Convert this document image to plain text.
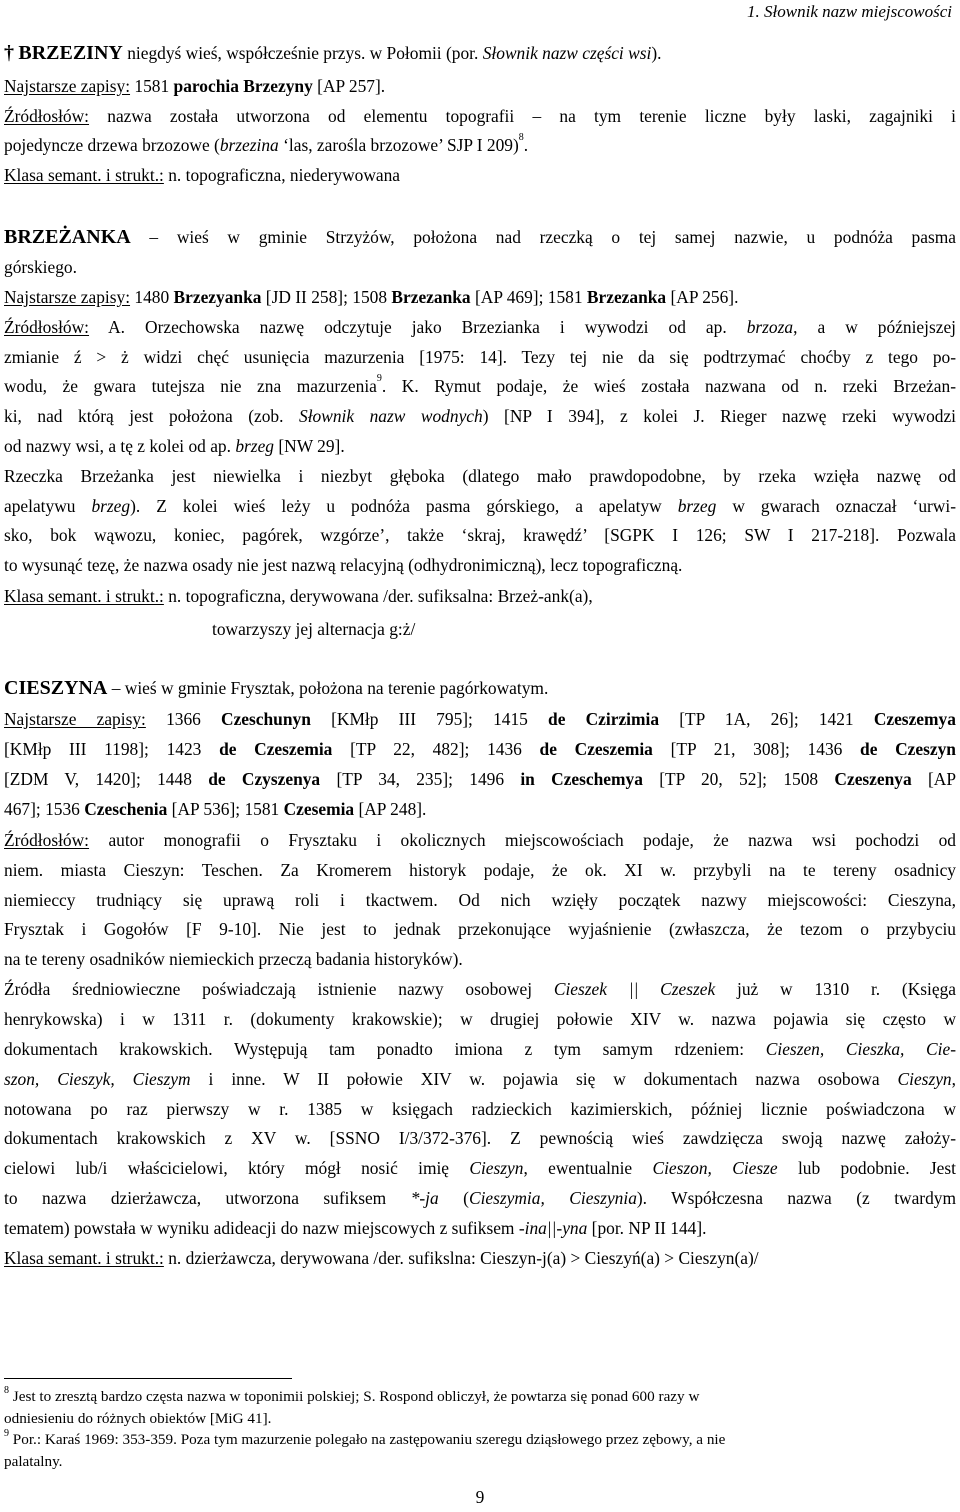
1. Słownik nazw miejscowości
† BRZEZINY niegdyś wieś, współcześnie przys. w Połomii (por. Słownik nazw części wsi).
Najstarsze zapisy: 1581 parochia Brzezyny [AP 257].
Źródłosłów: nazwa została utworzona od elementu topografii – na tym terenie liczne były laski, zagajniki i
pojedyncze drzewa brzozowe (brzezina ‘las, zarośla brzozowe’ SJP I 209)$^8$.
Klasa semant. i strukt.: n. topograficzna, niederywowana
BRZEŻANKA – wieś w gminie Strzyżów, położona nad rzeczką o tej samej nazwie, u podnóża pasma
górskiego.
Najstarsze zapisy: 1480 Brzezyanka [JD II 258]; 1508 Brzezanka [AP 469]; 1581 Brzezanka [AP 256].
Źródłosłów: A. Orzechowska nazwę odczytuje jako Brzezianka i wywodzi od ap. brzoza, a w późniejszej
zmianie ź > ż widzi chęć usunięcia mazurzenia [1975: 14]. Tezy tej nie da się podtrzymać choćby z tego po-
wodu, że gwara tutejsza nie zna mazurzenia$^9$. K. Rymut podaje, że wieś została nazwana od n. rzeki Brzeżan-
ki, nad którą jest położona (zob. Słownik nazw wodnych) [NP I 394], z kolei J. Rieger nazwę rzeki wywodzi
od nazwy wsi, a tę z kolei od ap. brzeg [NW 29].
Rzeczka Brzeżanka jest niewielka i niezbyt głęboka (dlatego mało prawdopodobne, by rzeka wzięła nazwę od
apelatywu brzeg). Z kolei wieś leży u podnóża pasma górskiego, a apelatyw brzeg w gwarach oznaczał ‘urwi-
sko, bok wąwozu, koniec, pagórek, wzgórze’, także ‘skraj, krawędź’ [SGPK I 126; SW I 217-218]. Pozwala
to wysunąć tezę, że nazwa osady nie jest nazwą relacyjną (odhydronimiczną), lecz topograficzną.
Klasa semant. i strukt.: n. topograficzna, derywowana /der. sufiksalna: Brzeż-ank(a),
towarzyszy jej alternacja g:ż/
CIESZYNA – wieś w gminie Frysztak, położona na terenie pagórkowatym.
Najstarsze zapisy: 1366 Czeschunyn [KMłp III 795]; 1415 de Czirzimia [TP 1A, 26]; 1421 Czeszemya
[KMłp III 1198]; 1423 de Czeszemia [TP 22, 482]; 1436 de Czeszemia [TP 21, 308]; 1436 de Czeszyn
[ZDM V, 1420]; 1448 de Czyszenya [TP 34, 235]; 1496 in Czeschemya [TP 20, 52]; 1508 Czeszenya [AP
467]; 1536 Czeschenia [AP 536]; 1581 Czesemia [AP 248].
Źródłosłów: autor monografii o Frysztaku i okolicznych miejscowościach podaje, że nazwa wsi pochodzi od
niem. miasta Cieszyn: Teschen. Za Kromerem historyk podaje, że ok. XI w. przybyli na te tereny osadnicy
niemieccy trudniący się uprawą roli i tkactwem. Od nich wzięły początek nazwy miejscowości: Cieszyna,
Frysztak i Gogołów [F 9-10]. Nie jest to jednak przekonujące wyjaśnienie (zwłaszcza, że tezom o przybyciu
na te tereny osadników niemieckich przeczą badania historyków).
Źródła średniowieczne poświadczają istnienie nazwy osobowej Cieszek || Czeszek już w 1310 r. (Księga
henrykowska) i w 1311 r. (dokumenty krakowskie); w drugiej połowie XIV w. nazwa pojawia się często w
dokumentach krakowskich. Występują tam ponadto imiona z tym samym rdzeniem: Cieszen, Cieszka, Cie-
szon, Cieszyk, Cieszym i inne. W II połowie XIV w. pojawia się w dokumentach nazwa osobowa Cieszyn,
notowana po raz pierwszy w r. 1385 w księgach radzieckich kazimierskich, później licznie poświadczona w
dokumentach krakowskich z XV w. [SSNO I/3/372-376]. Z pewnością wieś zawdzięcza swoją nazwę założy-
cielowi lub/i właścicielowi, który mógł nosić imię Cieszyn, ewentualnie Cieszon, Ciesze lub podobnie. Jest
to nazwa dzierżawcza, utworzona sufiksem *-ja (Cieszymia, Cieszynia). Współczesna nazwa (z twardym
tematem) powstała w wyniku adideacji do nazw miejscowych z sufiksem -ina||-yna [por. NP II 144].
Klasa semant. i strukt.: n. dzierżawcza, derywowana /der. sufikslna: Cieszyn-j(a) > Cieszyń(a) > Cieszyn(a)/
$^8$ Jest to zresztą bardzo częsta nazwa w toponimii polskiej; S. Rospond obliczył, że powtarza się ponad 600 razy w
odniesieniu do różnych obiektów [MiG 41].
$^9$ Por.: Karaś 1969: 353-359. Poza tym mazurzenie polegało na zastępowaniu szeregu dziąsłowego przez zębowy, a nie
palatalny.
9
